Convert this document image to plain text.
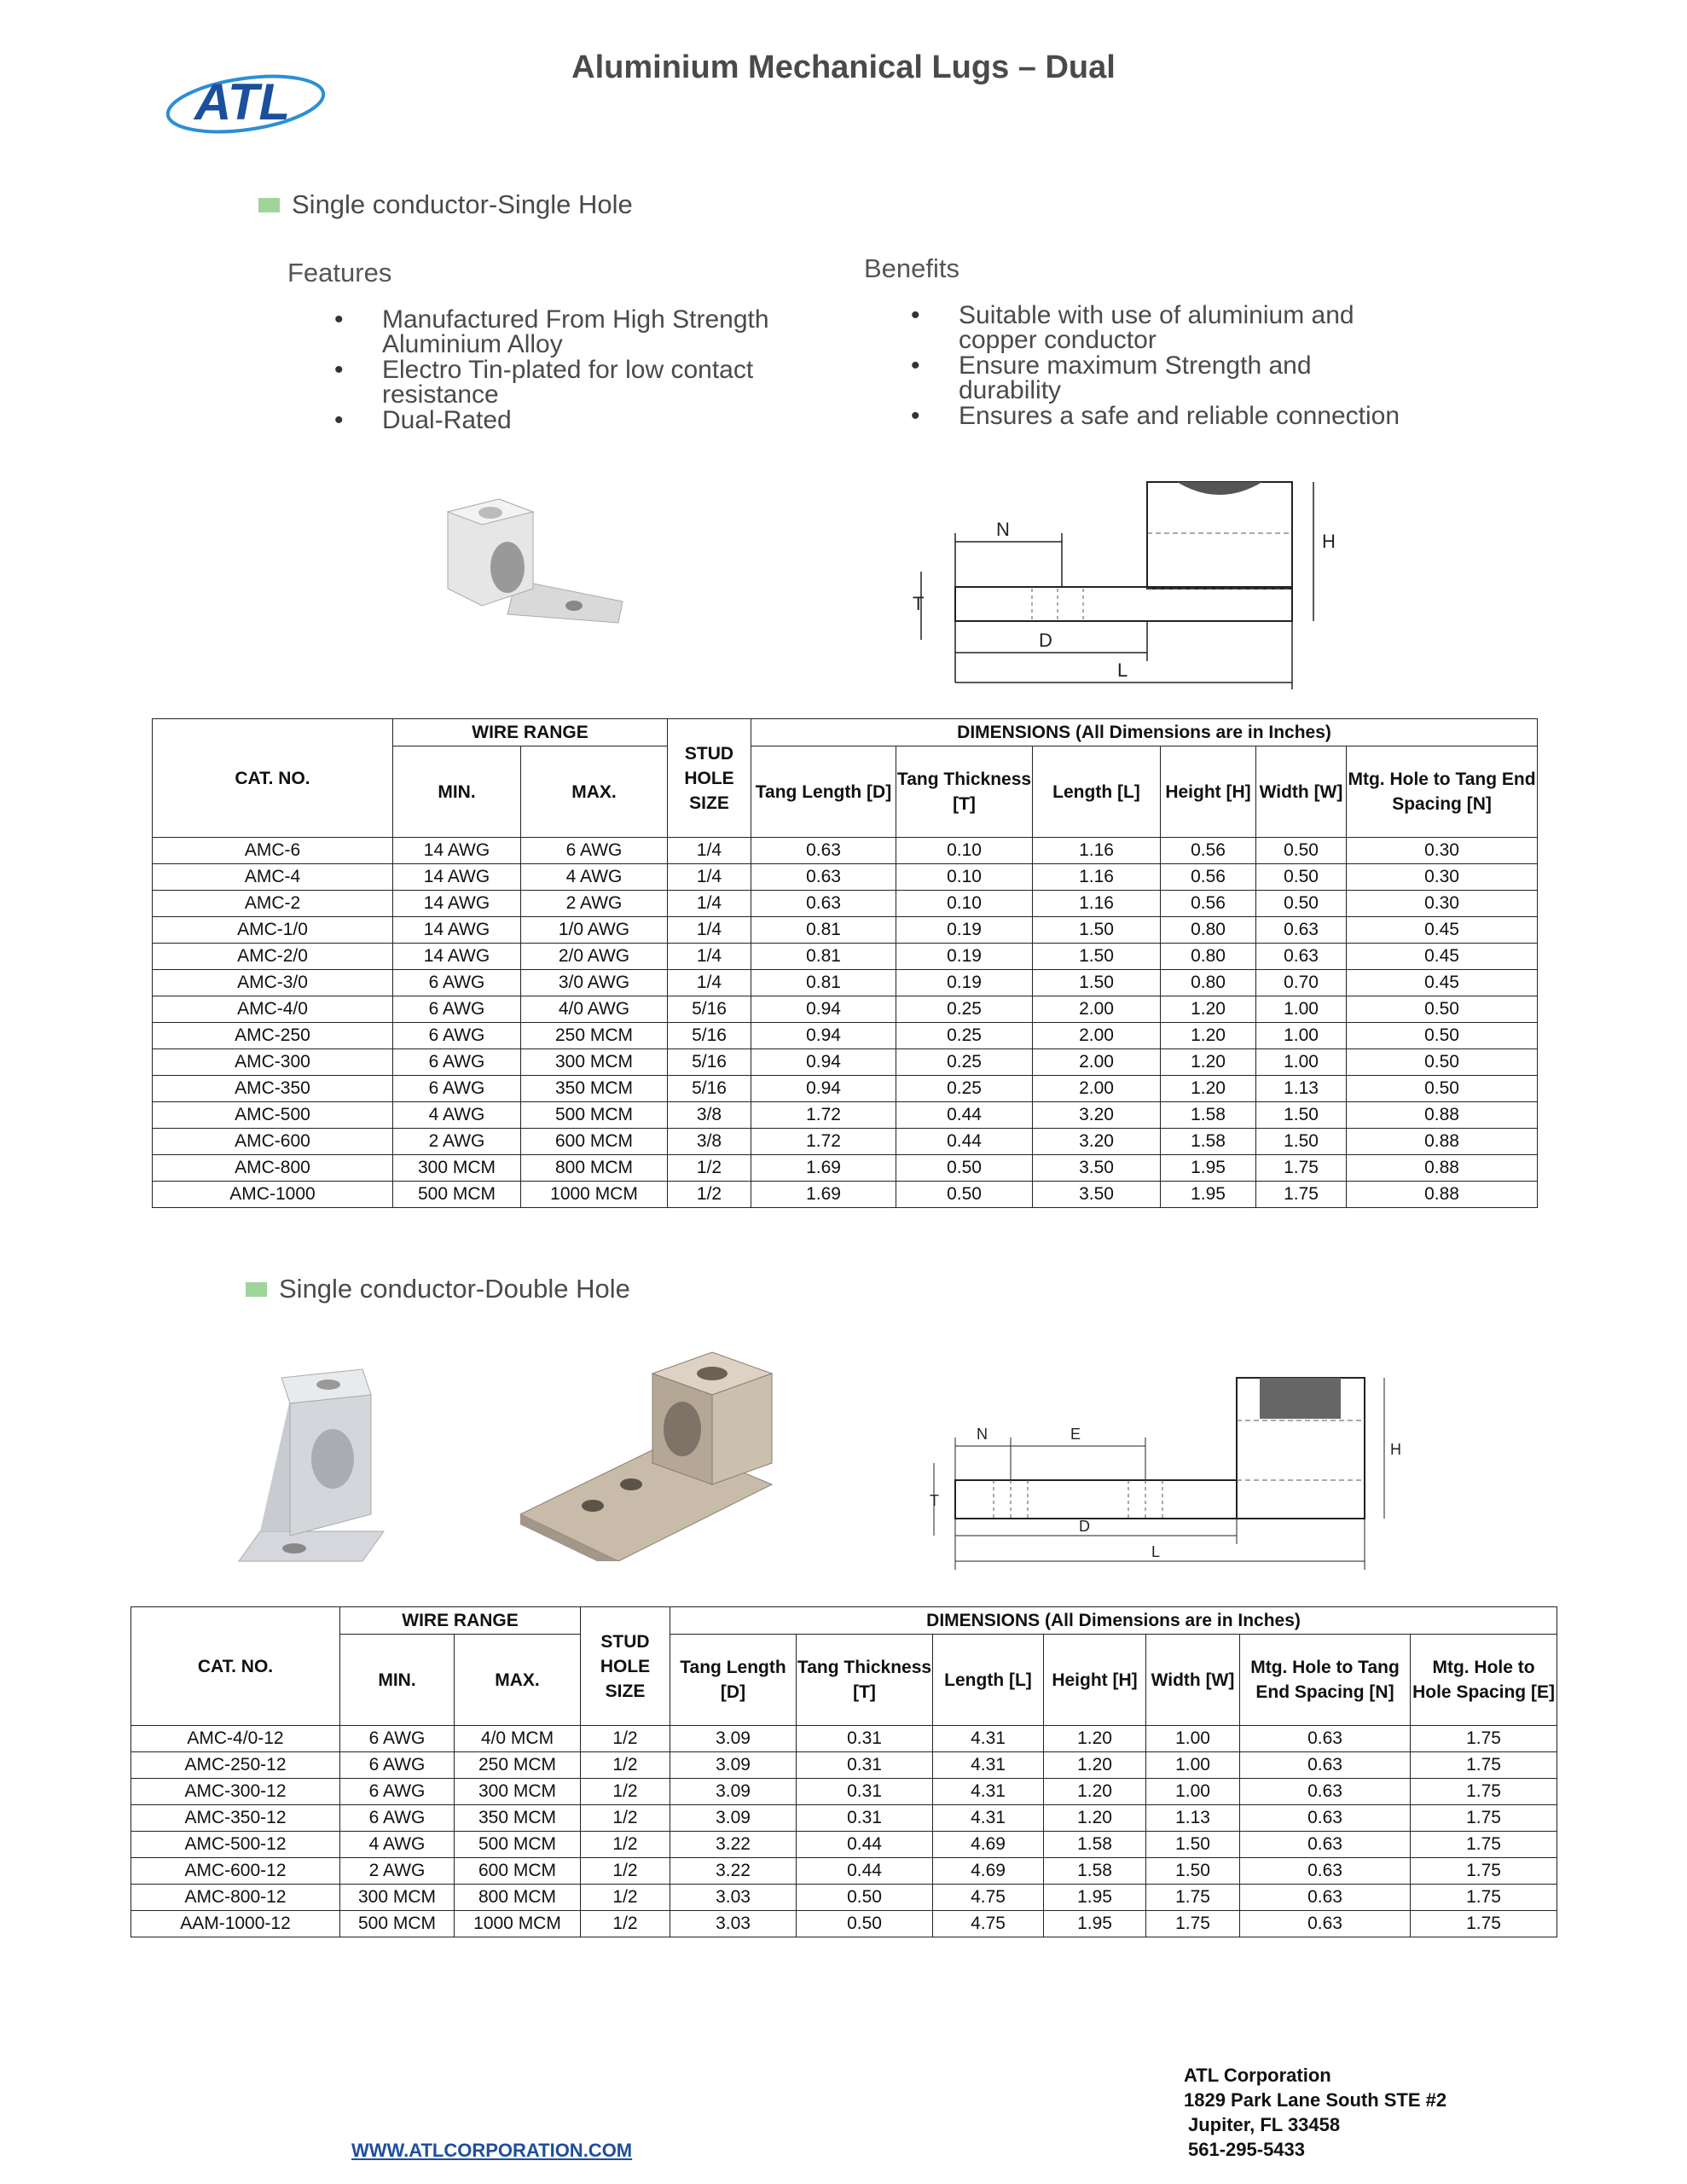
ATL
Aluminium Mechanical Lugs – Dual
Single conductor-Single Hole
Features
• Manufactured From High Strength Aluminium Alloy
• Electro Tin-plated for low contact resistance
• Dual-Rated
Benefits
• Suitable with use of aluminium and copper conductor
• Ensure maximum Strength and durability
• Ensures a safe and reliable connection
N
H
T
D
L
CAT. NO.	WIRE RANGE		STUD HOLE SIZE	DIMENSIONS (All Dimensions are in Inches)					
	MIN.	MAX.		Tang Length [D]	Tang Thickness [T]	Length [L]	Height [H]	Width [W]	Mtg. Hole to Tang End Spacing [N]
AMC-6	14 AWG	6 AWG	1/4	0.63	0.10	1.16	0.56	0.50	0.30
AMC-4	14 AWG	4 AWG	1/4	0.63	0.10	1.16	0.56	0.50	0.30
AMC-2	14 AWG	2 AWG	1/4	0.63	0.10	1.16	0.56	0.50	0.30
AMC-1/0	14 AWG	1/0 AWG	1/4	0.81	0.19	1.50	0.80	0.63	0.45
AMC-2/0	14 AWG	2/0 AWG	1/4	0.81	0.19	1.50	0.80	0.63	0.45
AMC-3/0	6 AWG	3/0 AWG	1/4	0.81	0.19	1.50	0.80	0.70	0.45
AMC-4/0	6 AWG	4/0 AWG	5/16	0.94	0.25	2.00	1.20	1.00	0.50
AMC-250	6 AWG	250 MCM	5/16	0.94	0.25	2.00	1.20	1.00	0.50
AMC-300	6 AWG	300 MCM	5/16	0.94	0.25	2.00	1.20	1.00	0.50
AMC-350	6 AWG	350 MCM	5/16	0.94	0.25	2.00	1.20	1.13	0.50
AMC-500	4 AWG	500 MCM	3/8	1.72	0.44	3.20	1.58	1.50	0.88
AMC-600	2 AWG	600 MCM	3/8	1.72	0.44	3.20	1.58	1.50	0.88
AMC-800	300 MCM	800 MCM	1/2	1.69	0.50	3.50	1.95	1.75	0.88
AMC-1000	500 MCM	1000 MCM	1/2	1.69	0.50	3.50	1.95	1.75	0.88
Single conductor-Double Hole
N	E
H
T
D
L
CAT. NO.	WIRE RANGE		STUD HOLE SIZE	DIMENSIONS (All Dimensions are in Inches)						
	MIN.	MAX.		Tang Length [D]	Tang Thickness [T]	Length [L]	Height [H]	Width [W]	Mtg. Hole to Tang End Spacing [N]	Mtg. Hole to Hole Spacing [E]
AMC-4/0-12	6 AWG	4/0 MCM	1/2	3.09	0.31	4.31	1.20	1.00	0.63	1.75
AMC-250-12	6 AWG	250 MCM	1/2	3.09	0.31	4.31	1.20	1.00	0.63	1.75
AMC-300-12	6 AWG	300 MCM	1/2	3.09	0.31	4.31	1.20	1.00	0.63	1.75
AMC-350-12	6 AWG	350 MCM	1/2	3.09	0.31	4.31	1.20	1.13	0.63	1.75
AMC-500-12	4 AWG	500 MCM	1/2	3.22	0.44	4.69	1.58	1.50	0.63	1.75
AMC-600-12	2 AWG	600 MCM	1/2	3.22	0.44	4.69	1.58	1.50	0.63	1.75
AMC-800-12	300 MCM	800 MCM	1/2	3.03	0.50	4.75	1.95	1.75	0.63	1.75
AAM-1000-12	500 MCM	1000 MCM	1/2	3.03	0.50	4.75	1.95	1.75	0.63	1.75
WWW.ATLCORPORATION.COM
ATL Corporation
1829 Park Lane South STE #2
Jupiter, FL 33458
561-295-5433
